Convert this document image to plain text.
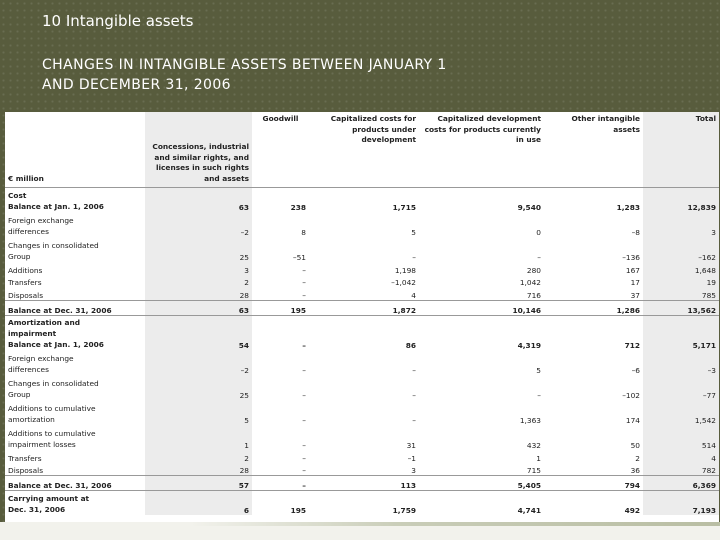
10 Intangible assets
CHANGES IN INTANGIBLE ASSETS BETWEEN JANUARY 1
AND DECEMBER 31, 2006
€ million	Concessions, industrial and similar rights, and licenses in such rights and assets	Goodwill	Capitalized costs for products under development	Capitalized development costs for products currently in use	Other intangible assets	Total

Cost
Balance at Jan. 1, 2006	63	238	1,715	9,540	1,283	12,839

Foreign exchange
differences	–2	8	5	0	–8	3

Changes in consolidated
Group	25	–51	–	–	–136	–162
Additions	3	–	1,198	280	167	1,648
Transfers	2	–	–1,042	1,042	17	19
Disposals	28	–	4	716	37	785
Balance at Dec. 31, 2006	63	195	1,872	10,146	1,286	13,562

Amortization and impairment
Balance at Jan. 1, 2006	54	–	86	4,319	712	5,171

Foreign exchange
differences	–2	–	–	5	–6	–3

Changes in consolidated
Group	25	–	–	–	–102	–77

Additions to cumulative
amortization	5	–	–	1,363	174	1,542

Additions to cumulative
impairment losses	1	–	31	432	50	514
Transfers	2	–	–1	1	2	4
Disposals	28	–	3	715	36	782
Balance at Dec. 31, 2006	57	–	113	5,405	794	6,369

Carrying amount at
Dec. 31, 2006	6	195	1,759	4,741	492	7,193
